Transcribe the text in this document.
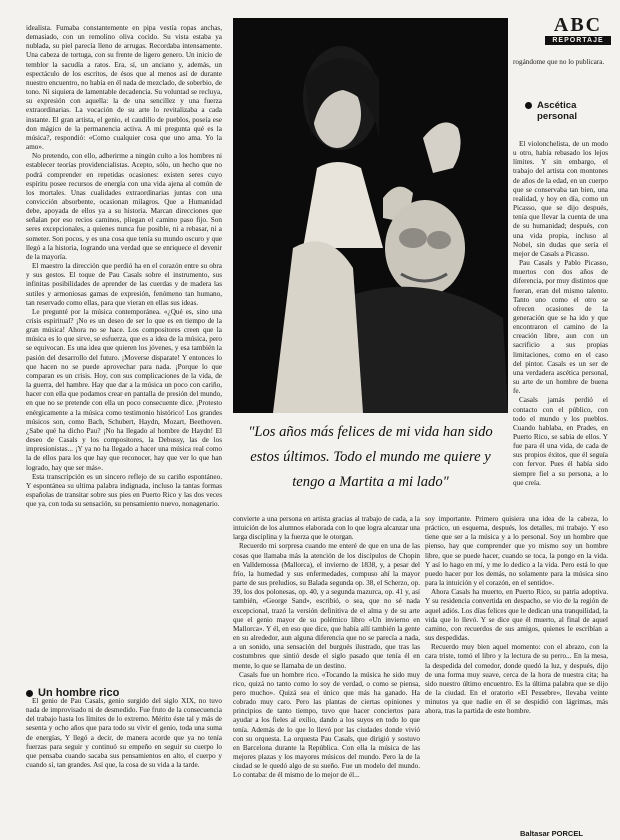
idealista. Fumaba constantemente en pipa vestía ropas anchas, demasiado, con un remolino oliva cocido. Su vista estaba ya nublada, su piel parecía lleno de arrugas. Recordaba intensamente. Una cabeza de tortuga, con su frente de ligero genero. Un inicio de temblor la sacudía a ratos. Era, sí, un anciano y, además, un espectáculo de los escritos, de ésos que al menos así de durante nuestro encuentro, no había en él nada de mezclado, de soberbio, de tono. Ni siquiera de lamentable decadencia. Su voluntad se recluya, su expresión con aquella: la de una sencillez y una fuerza extraordinarias. La vocación de su arte lo revitalizaba a cada instante. El gran artista, el genio, el caudillo de pueblos, poseía ese don mágico de la permanencia activa. A mi pregunta qué es la música?, respondió: «Como cualquier cosa que uno ama. Yo la amo».

No pretendo, con ello, adherirme a ningún culto a los hombres ni establecer teorías providencialistas. Acepto, sólo, un hecho que no podrá comprender en repetidas ocasiones: existen seres cuyo espíritu posee recursos de energía con una vida ajena al común de los mortales. Unas cualidades extraordinarias juntas con una convicción absorbente, ocasionan milagros. Que a Humanidad debe, apoyada de ellos ya a su historia. Marcan direcciones que señalan por eso recios caminos, pliegan el camino paso fijo. Son seres excepcionales, a quienes nunca fue posible, ni a rebasar, ni a someter. Son pocos, y es una cosa que tenía su mundo oscuro y que llegó a la historia, logrando una verdad que se enriquece el devenir de la mayoría.

El maestro la dirección que perdió ha en el corazón entre su obra y sus gestos. El toque de Pau Casals sobre el instrumento, sus infinitas posibilidades de aprender de las cuerdas y de madera las sutiles y armoniosas gamas de expresión, fenómeno tan humano, tan reservado como ellas, para que vieran en ellas sus ideas.

Le pregunté por la música contemporánea. «¿Qué es, sino una crisis espiritual? ¡No es un deseo de ser lo que es en tiempo de la gran música! Ahora no se hace. Los compositores creen que la música es lo que sirve, se esfuerza, que es a idea de la música, pero se equivocan. Es una idea que quieren los jóvenes, y esa también la pasión del desarrollo del futuro. ¡Moverse disparate! Y entonces lo que hacen no se puede aprovechar para nada. ¡Porque lo que comparan es un crisis. Hoy, con sus complicaciones de la vida, de la guerra, del hambre. Hay que dar a la música un poco con cariño, hacer con ella que podamos crear en pantalla de presión del mundo, en que no se pretende con ella un poco consecuente dice. ¡Protesto enérgicamente a la música como testimonio histórico! Los grandes músicos son, como Bach, Schubert, Haydn, Mozart, Beethoven. ¿Sabe qué ha dicho Pau? ¡No ha llegado al hombre de Haydn! El deseo de Casals y los compositores, la Debussy, las de los impresionistas... ¡Y ya no ha llegado a hacer una música real como la de ellos para los que hay que reconocer, hay que ver lo que han logrado, hay que ser más».

Esta transcripción es un sincero reflejo de su cariño espontáneo. Y espontánea su ultima palabra indignada, incluso la tantas formas españolas de transitar sobre sus pies en Puerto Rico y las dos veces que ya, con toda su sensación, su pensamiento nuevo, nonagenario.

Un hombre rico

El genio de Pau Casals, genio surgido del siglo XIX, no tuvo nada de improvisado ni de desmedido. Fue fruto de la consecuencia del trabajo hasta los límites de lo extremo. Mérito éste tal y más de sesenta y ocho años que para todo su vivir el genio, toda una suma de energías, Y llegó a decir, de manera acorde que ya no tenía fuerzas para seguir y continuó su empeño en seguir su cuerpo lo que pensaba cuando sacaba sus pensamientos en alto, el cuerpo y cuando sí, tan grandes. Así que, la cosa de su vida a la tarde.

"Los años más felices de mi vida han sido estos últimos. Todo el mundo me quiere y tengo a Martita a mi lado"
ABC
REPORTAJE

rogándome que no lo publicara.

Ascética
personal

El violonchelista, de un modo u otro, había rebasado los lejos límites. Y sin embargo, el trabajo del artista con montones de años de la edad, en un cuerpo que se conservaba tan bien, una realidad, y hoy en día, como un Picasso, que se dijo después, tenía que llevar la cuenta de una de su humanidad; después, con una vida propia, incluso al Nobel, sin dudas que sería el mejor de Casals a Picasso.

Pau Casals y Pablo Picasso, muertos con dos años de diferencia, por muy distintos que fueran, eran del mismo talento. Tanto uno como el otro se ofrecen ocasiones de la generación que se ha ido y que encontraron el camino de la creación libre, aun con un sacrificio a sus propias limitaciones, como en el caso del pintor. Casals es un ser de una verdadera ascética personal, su arte de un hombre de buena fe.

Casals jamás perdió el contacto con el público, con todo el mundo y los pueblos. Cuando hablaba, en Prades, en Puerto Rico, se sabía de ellos. Y fue para él una vida, de cada de sus propios éxitos, que él seguía con fervor. Pues él había sido siempre fiel a su persona, a lo que creía.

convierte a una persona en artista gracias al trabajo de cada, a la intuición de los alumnos elaborada con lo que logra alcanzar una larga disciplina y la fuerza que le otorgan.

Recuerdo mi sorpresa cuando me enteré de que en una de las cosas que llamaba más la atención de los discípulos de Chopin en Valldemossa (Mallorca), el invierno de 1838, y, a pesar del frío, la humedad y sus enfermedades, compuso ahí la mayor parte de sus preludios, su Balada segunda op. 38, el Scherzo, op. 39, los dos polonesas, op. 40, y a segunda mazurca, op. 41 y, así también, «George Sand», escribió, o sea, que no sé nada excepcional, trazó la versión definitiva de el alma y de su arte que el genio mayor de su polémico libro «Un invierno en Mallorca». Y él, en eso que dice, que había allí también la gente en su alrededor, aun alguna diferencia que no se parecía a nada, a un sonido, una sensación del burgués ilustrado, que tras las costumbres que sintió desde el siglo pasado que tenía él en mente, lo que se llamaba de un destino.

Casals fue un hombre rico. «Tocando la música he sido muy rico, quizá no tanto como lo soy de verdad, o como se piensa, pero mucho». Quizá sea el único que más ha ganado. Ha cobrado muy caro. Pero las plantas de ciertas opiniones y principios de tanto tiempo, tuvo que hacer conciertos para ayudar a los fieles al exilio, dando a los suyos en todo lo que tenía. Además de lo que lo llevó por las ciudades donde vivió con su orquesta. La orquesta Pau Casals, que dirigió y sostuvo en Barcelona durante la República. Con ella la música de las mejores plazas y los mayores músicos del mundo. Pero la de la ciudad se le quedó algo de su sueño. Fue un modelo del mundo. Lo contaba: de él mismo de lo mejor de él...

soy importante. Primero quisiera una idea de la cabeza, lo práctico, un esquema, después, los detalles, mi trabajo. Y eso tiene que ser a la música y a lo personal. Soy un hombre que pienso, hay que comprender que yo mismo soy un hombre libre, que se puede hacer, cuando se toca, la pongo en la vida. Y así lo hago en mí, y me lo dedico a la vida. Pero está lo que puedo hacer por los demás, no solamente para la música sino para la intuición y el corazón, en el sentido».

Ahora Casals ha muerto, en Puerto Rico, su patria adoptiva. Y su residencia convertida en despacho, se vio de la región de aquel adiós. Los días felices que le dedican una tranquilidad, la vida que lo llevó. Y se dice que él muerto, al final de aquel camino, con recuerdos de sus amigos, quienes le escribían a sus despedidas.

Recuerdo muy bien aquel momento: con el abrazo, con la cara triste, tomó el libro y la lectura de su perro... En la mesa, la despedida del comedor, donde quedó la luz, y después, dijo de una forma muy suave, cerca de la hora de nuestra cita; ha sido nuestro último encuentro. Es la última palabra que se dijo de la ciudad. En el oratorio «El Pessebre», llevaba veinte minutos ya que nadie en él se despidió con lágrimas, más ahora, tras la partida de este hombre.

Baltasar PORCEL
